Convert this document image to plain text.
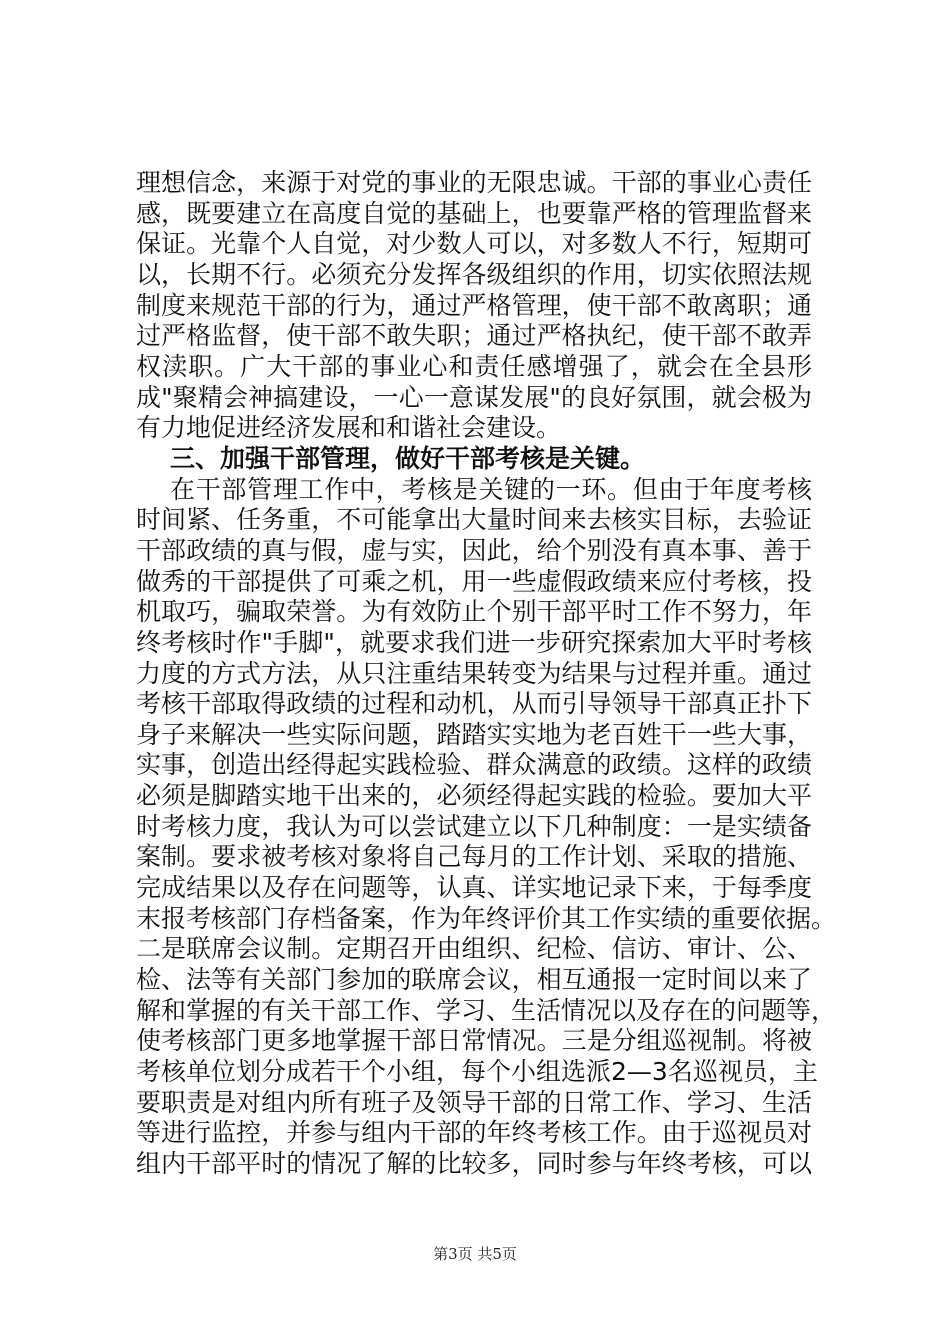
理想信念，来源于对党的事业的无限忠诚。干部的事业心责任
感，既要建立在高度自觉的基础上，也要靠严格的管理监督来
保证。光靠个人自觉，对少数人可以，对多数人不行，短期可
以，长期不行。必须充分发挥各级组织的作用，切实依照法规
制度来规范干部的行为，通过严格管理，使干部不敢离职；通
过严格监督，使干部不敢失职；通过严格执纪，使干部不敢弄
权渎职。广大干部的事业心和责任感增强了，就会在全县形
成"聚精会神搞建设，一心一意谋发展"的良好氛围，就会极为
有力地促进经济发展和和谐社会建设。
三、加强干部管理，做好干部考核是关键。
在干部管理工作中，考核是关键的一环。但由于年度考核
时间紧、任务重，不可能拿出大量时间来去核实目标，去验证
干部政绩的真与假，虚与实，因此，给个别没有真本事、善于
做秀的干部提供了可乘之机，用一些虚假政绩来应付考核，投
机取巧，骗取荣誉。为有效防止个别干部平时工作不努力，年
终考核时作"手脚"，就要求我们进一步研究探索加大平时考核
力度的方式方法，从只注重结果转变为结果与过程并重。通过
考核干部取得政绩的过程和动机，从而引导领导干部真正扑下
身子来解决一些实际问题，踏踏实实地为老百姓干一些大事，
实事，创造出经得起实践检验、群众满意的政绩。这样的政绩
必须是脚踏实地干出来的，必须经得起实践的检验。要加大平
时考核力度，我认为可以尝试建立以下几种制度：一是实绩备
案制。要求被考核对象将自己每月的工作计划、采取的措施、
完成结果以及存在问题等，认真、详实地记录下来，于每季度
末报考核部门存档备案，作为年终评价其工作实绩的重要依据。
二是联席会议制。定期召开由组织、纪检、信访、审计、公、
检、法等有关部门参加的联席会议，相互通报一定时间以来了
解和掌握的有关干部工作、学习、生活情况以及存在的问题等，
使考核部门更多地掌握干部日常情况。三是分组巡视制。将被
考核单位划分成若干个小组，每个小组选派2—3名巡视员，主
要职责是对组内所有班子及领导干部的日常工作、学习、生活
等进行监控，并参与组内干部的年终考核工作。由于巡视员对
组内干部平时的情况了解的比较多，同时参与年终考核，可以
第3页 共5页
